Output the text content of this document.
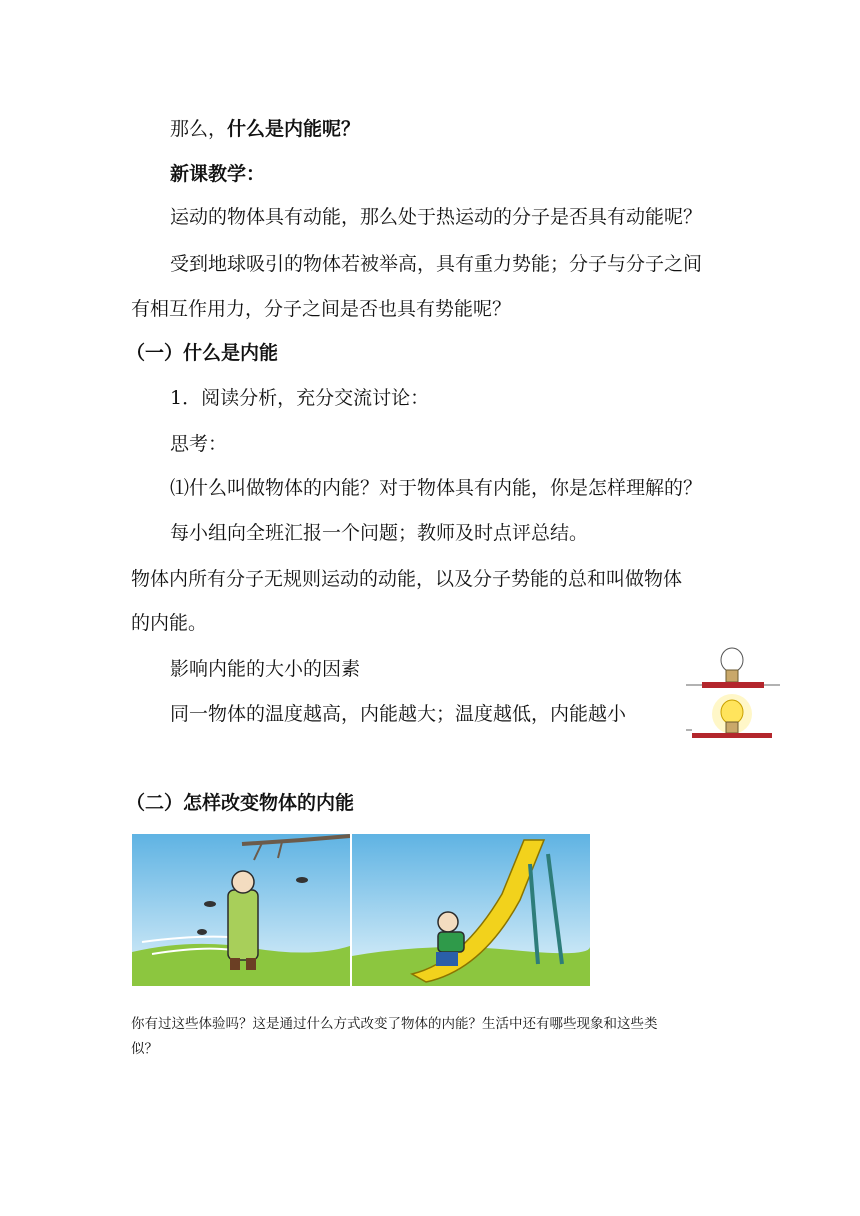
那么，什么是内能呢？
新课教学：
运动的物体具有动能，那么处于热运动的分子是否具有动能呢？
受到地球吸引的物体若被举高，具有重力势能；分子与分子之间
有相互作用力，分子之间是否也具有势能呢？
（一）什么是内能
1．阅读分析，充分交流讨论：
思考：
⑴什么叫做物体的内能？对于物体具有内能，你是怎样理解的？
每小组向全班汇报一个问题；教师及时点评总结。
物体内所有分子无规则运动的动能，以及分子势能的总和叫做物体
的内能。
影响内能的大小的因素
同一物体的温度越高，内能越大；温度越低，内能越小
（二）怎样改变物体的内能
你有过这些体验吗？这是通过什么方式改变了物体的内能？生活中还有哪些现象和这些类
似？
